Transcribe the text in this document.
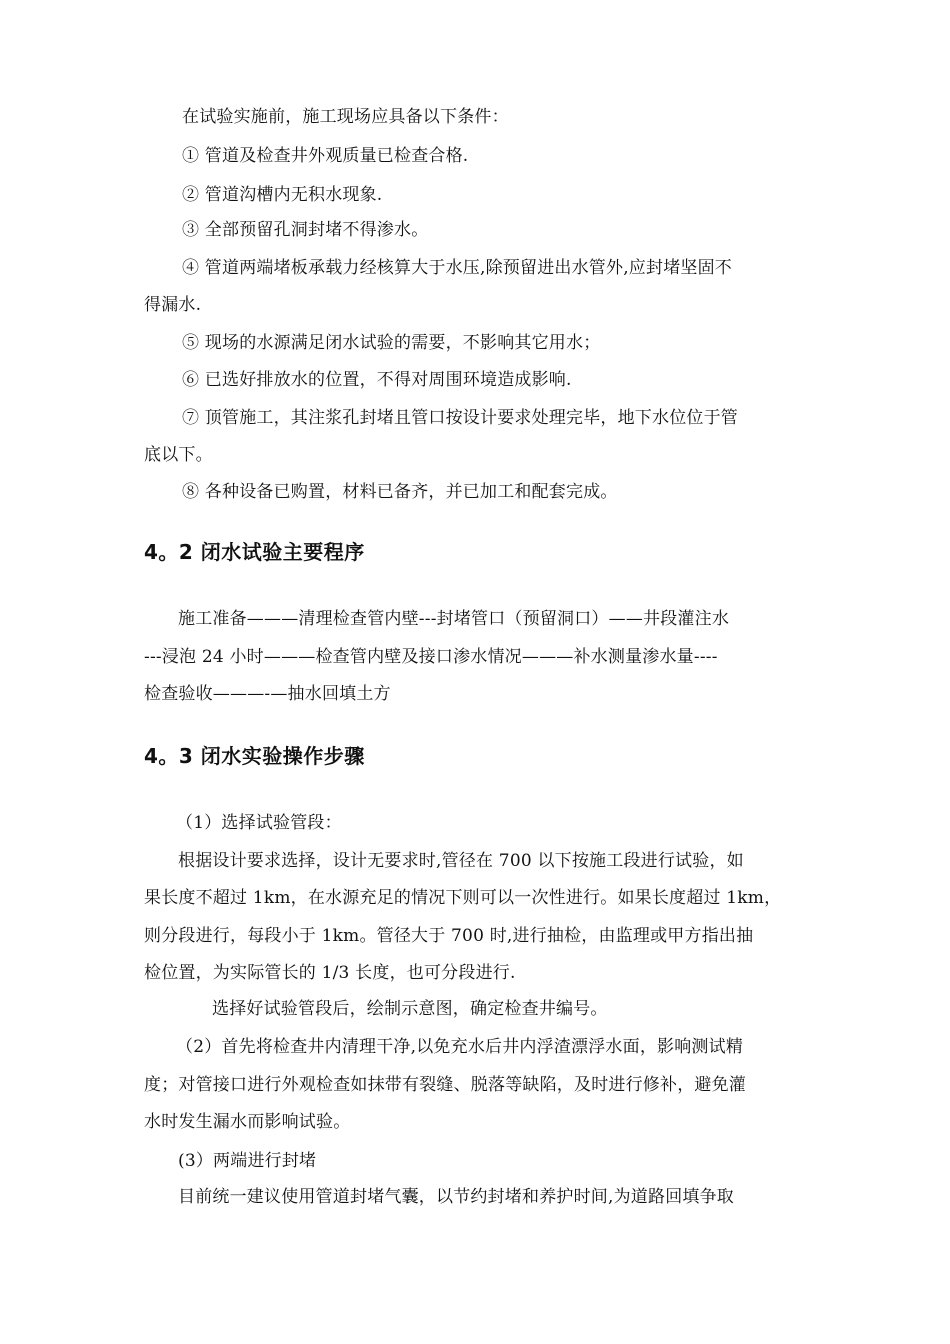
在试验实施前，施工现场应具备以下条件：
① 管道及检查井外观质量已检查合格.
② 管道沟槽内无积水现象.
③ 全部预留孔洞封堵不得渗水。
④ 管道两端堵板承载力经核算大于水压,除预留进出水管外,应封堵坚固不
得漏水.
⑤ 现场的水源满足闭水试验的需要，不影响其它用水；
⑥ 已选好排放水的位置，不得对周围环境造成影响.
⑦ 顶管施工，其注浆孔封堵且管口按设计要求处理完毕，地下水位位于管
底以下。
⑧ 各种设备已购置，材料已备齐，并已加工和配套完成。
4。2 闭水试验主要程序
施工准备———清理检查管内壁---封堵管口（预留洞口）——井段灌注水
---浸泡 24 小时———检查管内壁及接口渗水情况———补水测量渗水量---‐
检查验收———-—抽水回填土方
4。3 闭水实验操作步骤
（1）选择试验管段：
根据设计要求选择，设计无要求时,管径在 700 以下按施工段进行试验，如
果长度不超过 1km，在水源充足的情况下则可以一次性进行。如果长度超过 1km，
则分段进行，每段小于 1km。管径大于 700 时,进行抽检，由监理或甲方指出抽
检位置，为实际管长的 1/3 长度，也可分段进行.
选择好试验管段后，绘制示意图，确定检查井编号。
（2）首先将检查井内清理干净,以免充水后井内浮渣漂浮水面，影响测试精
度；对管接口进行外观检查如抹带有裂缝、脱落等缺陷，及时进行修补，避免灌
水时发生漏水而影响试验。
(3）两端进行封堵
目前统一建议使用管道封堵气囊，以节约封堵和养护时间,为道路回填争取
